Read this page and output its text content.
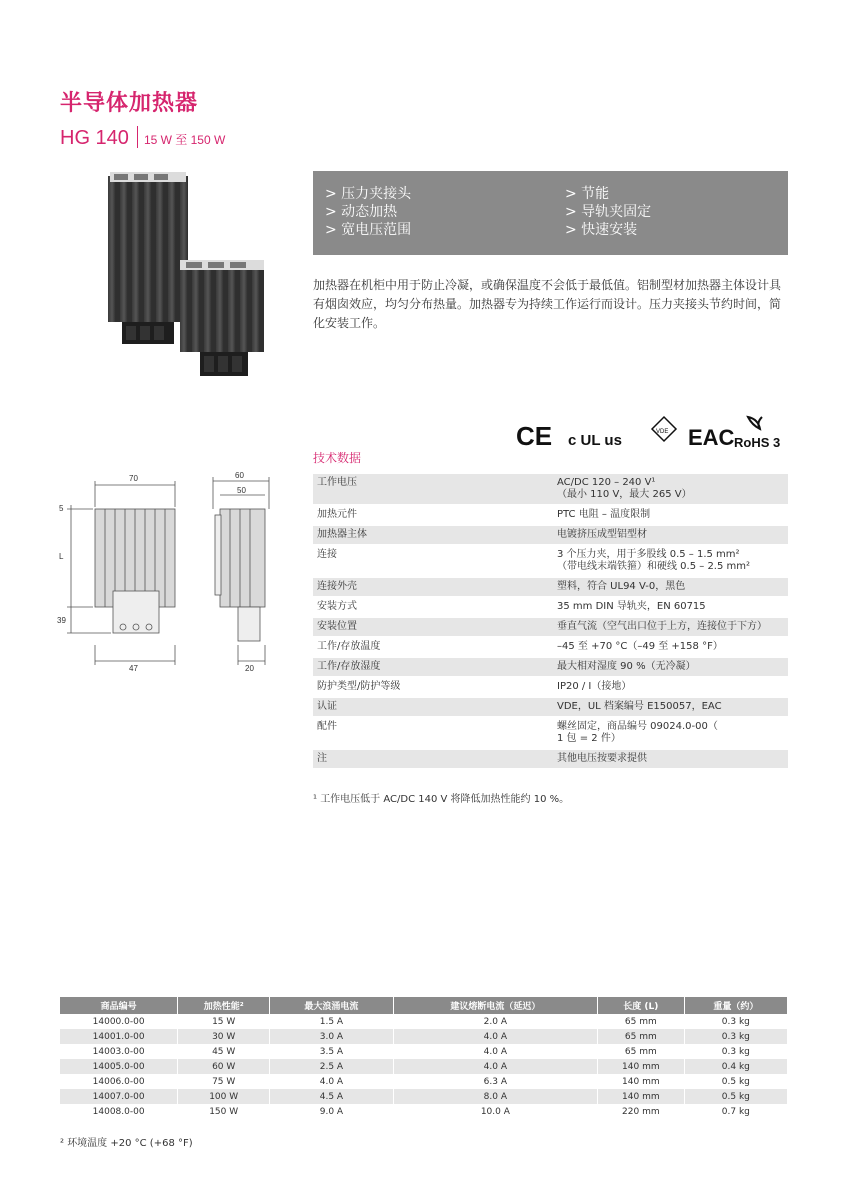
半导体加热器
HG 140 15 W 至 150 W
> 压力夹接头
> 动态加热
> 宽电压范围
> 节能
> 导轨夹固定
> 快速安装
加热器在机柜中用于防止冷凝，或确保温度不会低于最低值。铝制型材加热器主体设计具有烟囱效应，均匀分布热量。加热器专为持续工作运行而设计。压力夹接头节约时间，简化安装工作。
CE c UL us	VDE EAC RoHS 3
70	60
50
5
L
39
47	20
技术数据
工作电压	AC/DC 120 – 240 V¹
（最小 110 V，最大 265 V）
加热元件	PTC 电阻 – 温度限制
加热器主体	电镀挤压成型铝型材
连接	3 个压力夹，用于多股线 0.5 – 1.5 mm²
（带电线末端铁箍）和硬线 0.5 – 2.5 mm²
连接外壳	塑料，符合 UL94 V-0，黑色
安装方式	35 mm DIN 导轨夹，EN 60715
安装位置	垂直气流（空气出口位于上方，连接位于下方）
工作/存放温度	–45 至 +70 °C（–49 至 +158 °F）
工作/存放湿度	最大相对湿度 90 %（无冷凝）
防护类型/防护等级	IP20 / I（接地）
认证	VDE，UL 档案编号 E150057，EAC
配件	螺丝固定，商品编号 09024.0-00（
1 包 = 2 件）
注	其他电压按要求提供
¹ 工作电压低于 AC/DC 140 V 将降低加热性能约 10 %。
商品编号	加热性能²	最大浪涌电流	建议熔断电流（延迟）	长度 (L)	重量（约）
14000.0-00	15 W	1.5 A	2.0 A	65 mm	0.3 kg
14001.0-00	30 W	3.0 A	4.0 A	65 mm	0.3 kg
14003.0-00	45 W	3.5 A	4.0 A	65 mm	0.3 kg
14005.0-00	60 W	2.5 A	4.0 A	140 mm	0.4 kg
14006.0-00	75 W	4.0 A	6.3 A	140 mm	0.5 kg
14007.0-00	100 W	4.5 A	8.0 A	140 mm	0.5 kg
14008.0-00	150 W	9.0 A	10.0 A	220 mm	0.7 kg
² 环境温度 +20 °C (+68 °F)
